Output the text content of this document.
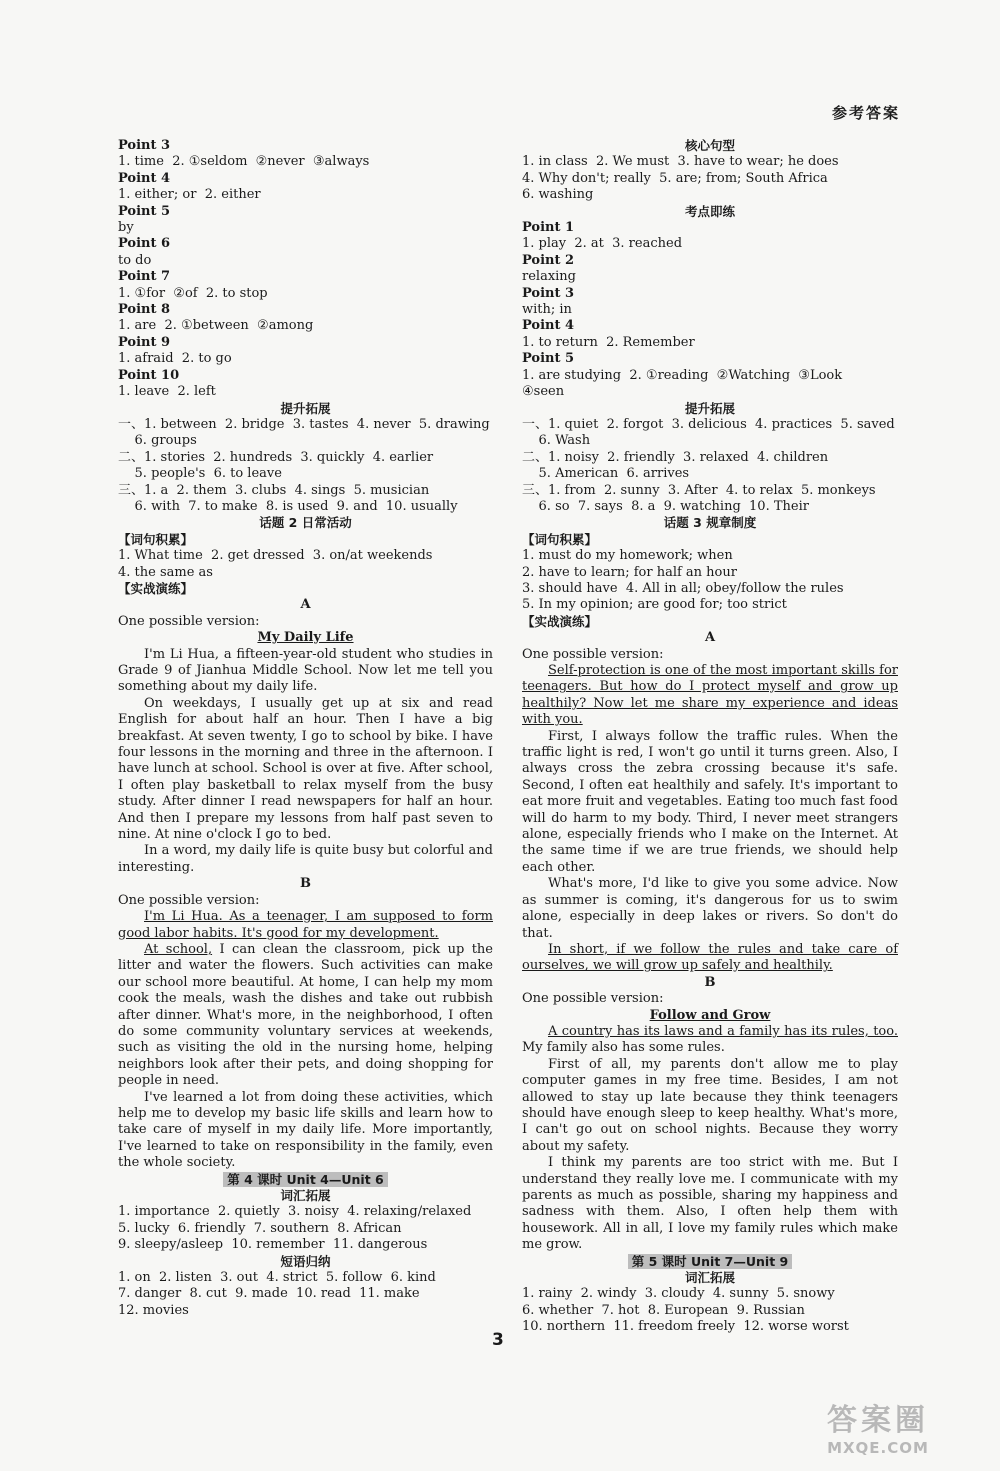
参考答案
Point 3
1. time  2. ①seldom  ②never  ③always
Point 4
1. either; or  2. either
Point 5
by
Point 6
to do
Point 7
1. ①for  ②of  2. to stop
Point 8
1. are  2. ①between  ②among
Point 9
1. afraid  2. to go
Point 10
1. leave  2. left
提升拓展
一、1. between  2. bridge  3. tastes  4. never  5. drawing
6. groups
二、1. stories  2. hundreds  3. quickly  4. earlier
5. people's  6. to leave
三、1. a  2. them  3. clubs  4. sings  5. musician
6. with  7. to make  8. is used  9. and  10. usually
话题 2 日常活动
【词句积累】
1. What time  2. get dressed  3. on/at weekends
4. the same as
【实战演练】
A
One possible version:
My Daily Life

I'm Li Hua, a fifteen-year-old student who studies in Grade 9 of Jianhua Middle School. Now let me tell you something about my daily life.

On weekdays, I usually get up at six and read English for about half an hour. Then I have a big breakfast. At seven twenty, I go to school by bike. I have four lessons in the morning and three in the afternoon. I have lunch at school. School is over at five. After school, I often play basketball to relax myself from the busy study. After dinner I read newspapers for half an hour. And then I prepare my lessons from half past seven to nine. At nine o'clock I go to bed.

In a word, my daily life is quite busy but colorful and interesting.

B
One possible version:

I'm Li Hua. As a teenager, I am supposed to form good labor habits. It's good for my development.

At school, I can clean the classroom, pick up the litter and water the flowers. Such activities can make our school more beautiful. At home, I can help my mom cook the meals, wash the dishes and take out rubbish after dinner. What's more, in the neighborhood, I often do some community voluntary services at weekends, such as visiting the old in the nursing home, helping neighbors look after their pets, and doing shopping for people in need.

I've learned a lot from doing these activities, which help me to develop my basic life skills and learn how to take care of myself in my daily life. More importantly, I've learned to take on responsibility in the family, even the whole society.

第 4 课时 Unit 4—Unit 6
词汇拓展
1. importance  2. quietly  3. noisy  4. relaxing/relaxed
5. lucky  6. friendly  7. southern  8. African
9. sleepy/asleep  10. remember  11. dangerous
短语归纳
1. on  2. listen  3. out  4. strict  5. follow  6. kind
7. danger  8. cut  9. made  10. read  11. make
12. movies
核心句型
1. in class  2. We must  3. have to wear; he does
4. Why don't; really  5. are; from; South Africa
6. washing
考点即练
Point 1
1. play  2. at  3. reached
Point 2
relaxing
Point 3
with; in
Point 4
1. to return  2. Remember
Point 5
1. are studying  2. ①reading  ②Watching  ③Look
④seen
提升拓展
一、1. quiet  2. forgot  3. delicious  4. practices  5. saved
6. Wash
二、1. noisy  2. friendly  3. relaxed  4. children
5. American  6. arrives
三、1. from  2. sunny  3. After  4. to relax  5. monkeys
6. so  7. says  8. a  9. watching  10. Their
话题 3 规章制度
【词句积累】
1. must do my homework; when
2. have to learn; for half an hour
3. should have  4. All in all; obey/follow the rules
5. In my opinion; are good for; too strict
【实战演练】
A
One possible version:

Self-protection is one of the most important skills for teenagers. But how do I protect myself and grow up healthily? Now let me share my experience and ideas with you.

First, I always follow the traffic rules. When the traffic light is red, I won't go until it turns green. Also, I always cross the zebra crossing because it's safe. Second, I often eat healthily and safely. It's important to eat more fruit and vegetables. Eating too much fast food will do harm to my body. Third, I never meet strangers alone, especially friends who I make on the Internet. At the same time if we are true friends, we should help each other.

What's more, I'd like to give you some advice. Now as summer is coming, it's dangerous for us to swim alone, especially in deep lakes or rivers. So don't do that.

In short, if we follow the rules and take care of ourselves, we will grow up safely and healthily.

B
One possible version:
Follow and Grow

A country has its laws and a family has its rules, too. My family also has some rules.

First of all, my parents don't allow me to play computer games in my free time. Besides, I am not allowed to stay up late because they think teenagers should have enough sleep to keep healthy. What's more, I can't go out on school nights. Because they worry about my safety.

I think my parents are too strict with me. But I understand they really love me. I communicate with my parents as much as possible, sharing my happiness and sadness with them. Also, I often help them with housework. All in all, I love my family rules which make me grow.

第 5 课时 Unit 7—Unit 9
词汇拓展
1. rainy  2. windy  3. cloudy  4. sunny  5. snowy
6. whether  7. hot  8. European  9. Russian
10. northern  11. freedom freely  12. worse worst
3
答案圈
MXQE.COM
